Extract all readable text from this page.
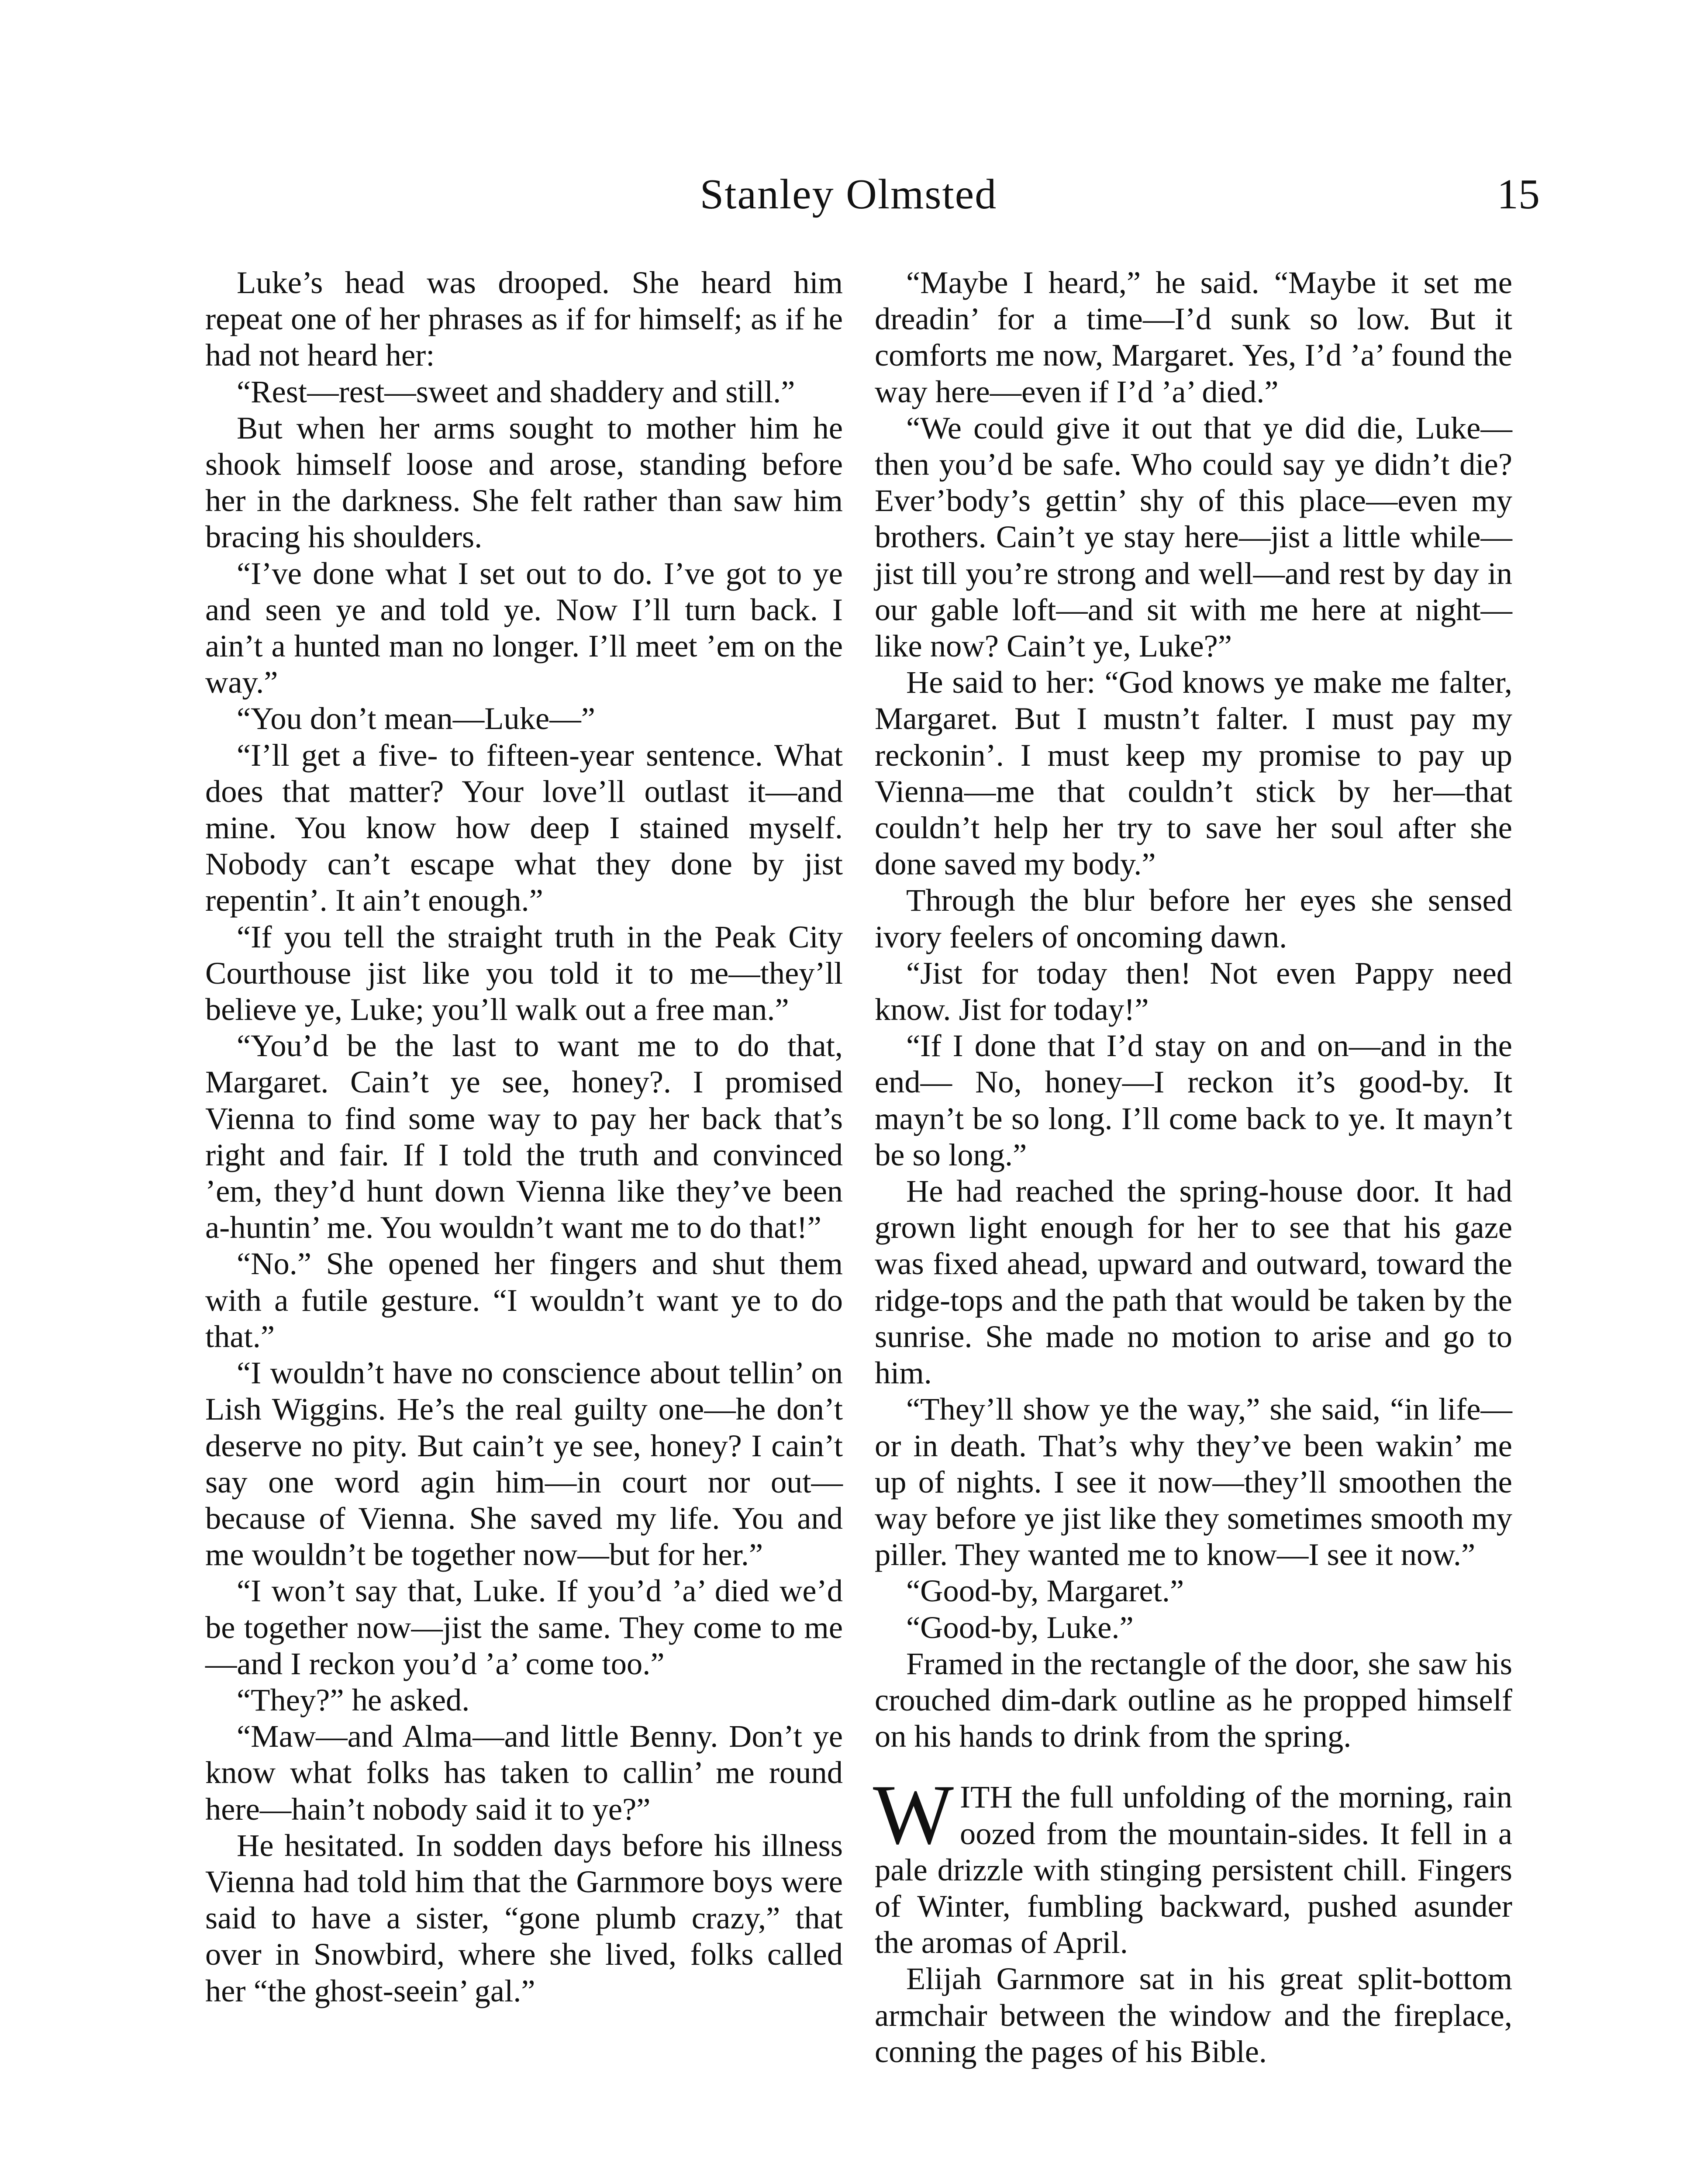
Stanley Olmsted	15

Luke’s head was drooped. She heard him repeat one of her phrases as if for himself; as if he had not heard her:

“Rest—rest—sweet and shaddery and still.”

But when her arms sought to mother him he shook himself loose and arose, standing before her in the darkness. She felt rather than saw him bracing his shoulders.

“I’ve done what I set out to do. I’ve got to ye and seen ye and told ye. Now I’ll turn back. I ain’t a hunted man no longer. I’ll meet ’em on the way.”

“You don’t mean—Luke—”

“I’ll get a five- to fifteen-year sentence. What does that matter? Your love’ll outlast it—and mine. You know how deep I stained myself. Nobody can’t escape what they done by jist repentin’. It ain’t enough.”

“If you tell the straight truth in the Peak City Courthouse jist like you told it to me—they’ll believe ye, Luke; you’ll walk out a free man.”

“You’d be the last to want me to do that, Margaret. Cain’t ye see, honey?. I promised Vienna to find some way to pay her back that’s right and fair. If I told the truth and convinced ’em, they’d hunt down Vienna like they’ve been a-huntin’ me. You wouldn’t want me to do that!”

“No.” She opened her fingers and shut them with a futile gesture. “I wouldn’t want ye to do that.”

“I wouldn’t have no conscience about tellin’ on Lish Wiggins. He’s the real guilty one—he don’t deserve no pity. But cain’t ye see, honey? I cain’t say one word agin him—in court nor out—because of Vienna. She saved my life. You and me wouldn’t be together now—but for her.”

“I won’t say that, Luke. If you’d ’a’ died we’d be together now—jist the same. They come to me—and I reckon you’d ’a’ come too.”

“They?” he asked.

“Maw—and Alma—and little Benny. Don’t ye know what folks has taken to callin’ me round here—hain’t nobody said it to ye?”

He hesitated. In sodden days before his illness Vienna had told him that the Garnmore boys were said to have a sister, “gone plumb crazy,” that over in Snowbird, where she lived, folks called her “the ghost-seein’ gal.”

“Maybe I heard,” he said. “Maybe it set me dreadin’ for a time—I’d sunk so low. But it comforts me now, Margaret. Yes, I’d ’a’ found the way here—even if I’d ’a’ died.”

“We could give it out that ye did die, Luke—then you’d be safe. Who could say ye didn’t die? Ever’body’s gettin’ shy of this place—even my brothers. Cain’t ye stay here—jist a little while—jist till you’re strong and well—and rest by day in our gable loft—and sit with me here at night—like now? Cain’t ye, Luke?”

He said to her: “God knows ye make me falter, Margaret. But I mustn’t falter. I must pay my reckonin’. I must keep my promise to pay up Vienna—me that couldn’t stick by her—that couldn’t help her try to save her soul after she done saved my body.”

Through the blur before her eyes she sensed ivory feelers of oncoming dawn.

“Jist for today then! Not even Pappy need know. Jist for today!”

“If I done that I’d stay on and on—and in the end— No, honey—I reckon it’s good-by. It mayn’t be so long. I’ll come back to ye. It mayn’t be so long.”

He had reached the spring-house door. It had grown light enough for her to see that his gaze was fixed ahead, upward and outward, toward the ridge-tops and the path that would be taken by the sunrise. She made no motion to arise and go to him.

“They’ll show ye the way,” she said, “in life—or in death. That’s why they’ve been wakin’ me up of nights. I see it now—they’ll smoothen the way before ye jist like they sometimes smooth my piller. They wanted me to know—I see it now.”

“Good-by, Margaret.”

“Good-by, Luke.”

Framed in the rectangle of the door, she saw his crouched dim-dark outline as he propped himself on his hands to drink from the spring.

WITH the full unfolding of the morning, rain oozed from the mountain-sides. It fell in a pale drizzle with stinging persistent chill. Fingers of Winter, fumbling backward, pushed asunder the aromas of April.

Elijah Garnmore sat in his great split-bottom armchair between the window and the fireplace, conning the pages of his Bible.
